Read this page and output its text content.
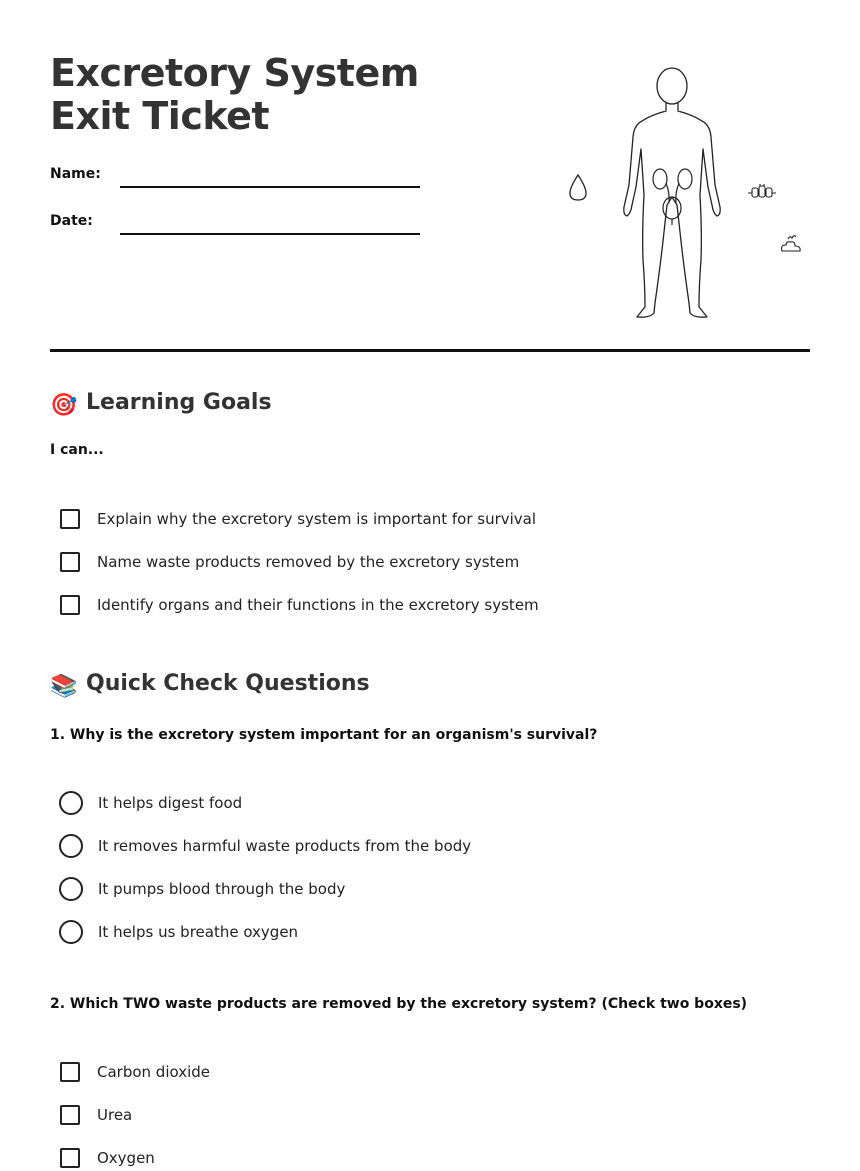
Excretory System Exit Ticket
Name:
Date:
🎯 Learning Goals
I can...
Explain why the excretory system is important for survival
Name waste products removed by the excretory system
Identify organs and their functions in the excretory system
📚 Quick Check Questions
1. Why is the excretory system important for an organism's survival?
It helps digest food
It removes harmful waste products from the body
It pumps blood through the body
It helps us breathe oxygen
2. Which TWO waste products are removed by the excretory system? (Check two boxes)
Carbon dioxide
Urea
Oxygen
